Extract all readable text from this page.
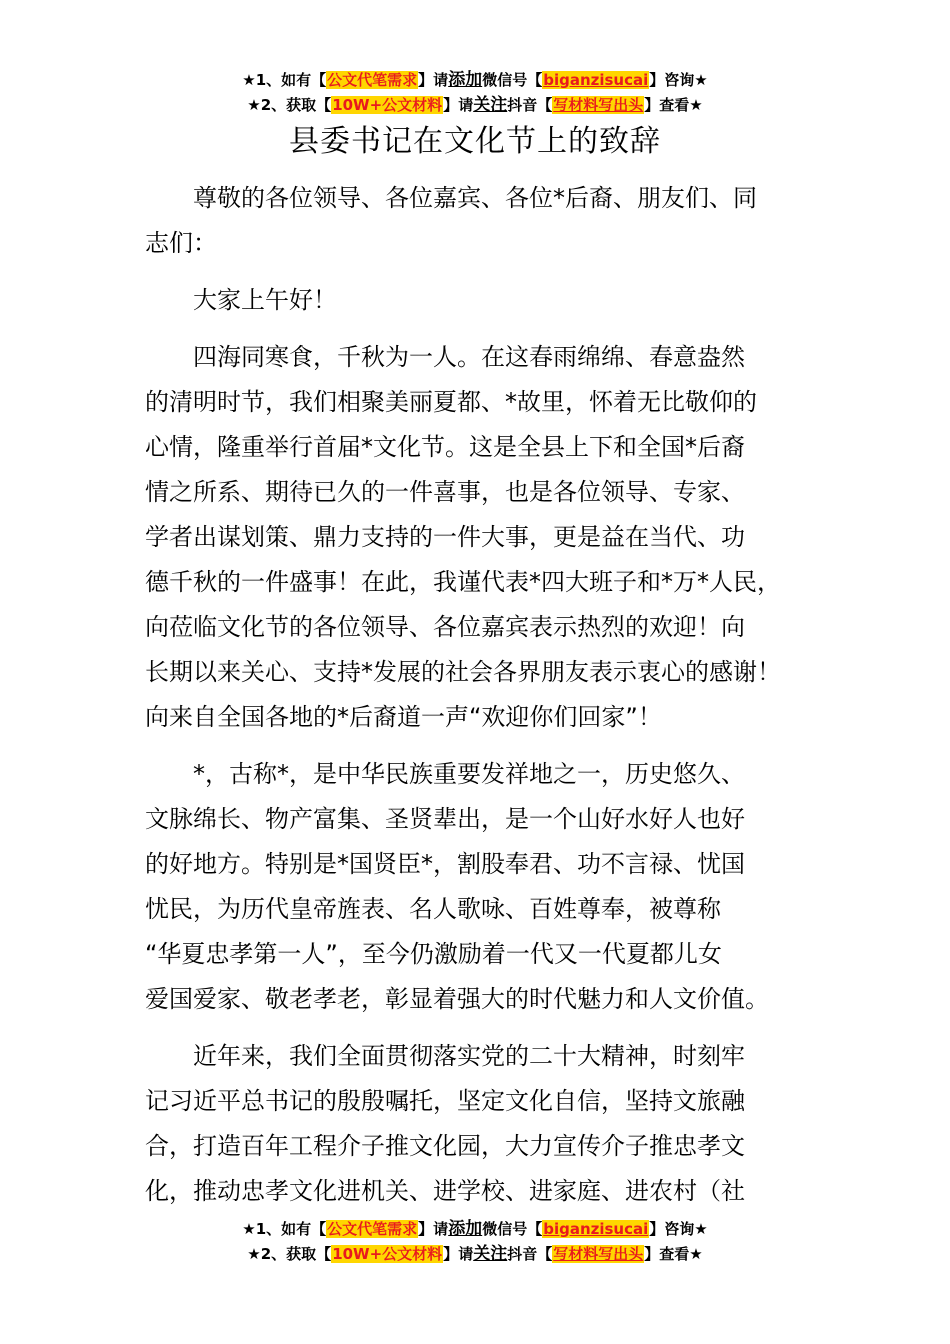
★1、如有【公文代笔需求】请添加微信号【biganzisucai】咨询★
★2、获取【10W+公文材料】请关注抖音【写材料写出头】查看★
县委书记在文化节上的致辞

尊敬的各位领导、各位嘉宾、各位*后裔、朋友们、同
志们：

大家上午好！

四海同寒食，千秋为一人。在这春雨绵绵、春意盎然
的清明时节，我们相聚美丽夏都、*故里，怀着无比敬仰的
心情，隆重举行首届*文化节。这是全县上下和全国*后裔
情之所系、期待已久的一件喜事，也是各位领导、专家、
学者出谋划策、鼎力支持的一件大事，更是益在当代、功
德千秋的一件盛事！在此，我谨代表*四大班子和*万*人民，
向莅临文化节的各位领导、各位嘉宾表示热烈的欢迎！向
长期以来关心、支持*发展的社会各界朋友表示衷心的感谢！
向来自全国各地的*后裔道一声“欢迎你们回家”！

*，古称*，是中华民族重要发祥地之一，历史悠久、
文脉绵长、物产富集、圣贤辈出，是一个山好水好人也好
的好地方。特别是*国贤臣*，割股奉君、功不言禄、忧国
忧民，为历代皇帝旌表、名人歌咏、百姓尊奉，被尊称
“华夏忠孝第一人”，至今仍激励着一代又一代夏都儿女
爱国爱家、敬老孝老，彰显着强大的时代魅力和人文价值。

近年来，我们全面贯彻落实党的二十大精神，时刻牢
记习近平总书记的殷殷嘱托，坚定文化自信，坚持文旅融
合，打造百年工程介子推文化园，大力宣传介子推忠孝文
化，推动忠孝文化进机关、进学校、进家庭、进农村（社

★1、如有【公文代笔需求】请添加微信号【biganzisucai】咨询★
★2、获取【10W+公文材料】请关注抖音【写材料写出头】查看★
